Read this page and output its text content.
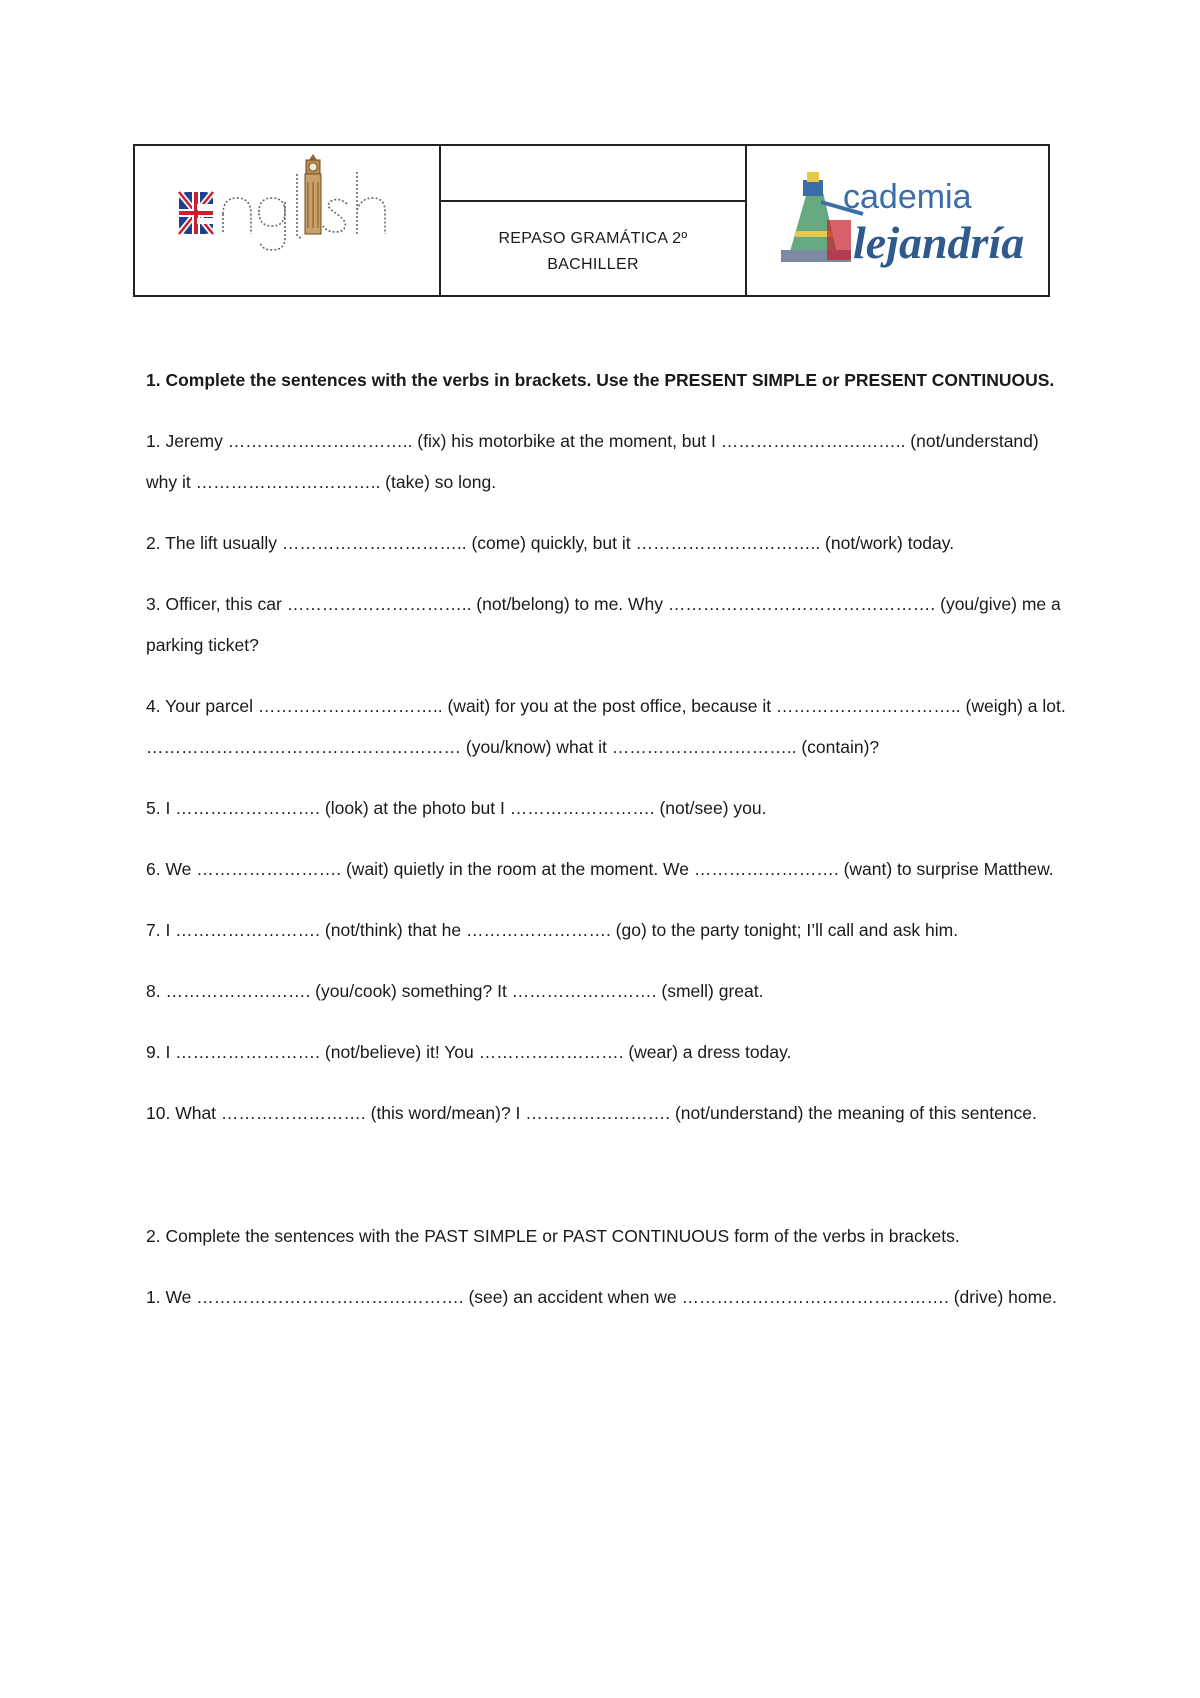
REPASO GRAMÁTICA 2º
BACHILLER
cademia
lejandría

1. Complete the sentences with the verbs in brackets. Use the PRESENT SIMPLE or PRESENT CONTINUOUS.

1. Jeremy ………………………….. (fix) his motorbike at the moment, but I ………………………….. (not/understand) why it ………………………….. (take) so long.

2. The lift usually ………………………….. (come) quickly, but it ………………………….. (not/work) today.

3. Officer, this car ………………………….. (not/belong) to me. Why ………………………………………. (you/give) me a parking ticket?

4. Your parcel ………………………….. (wait) for you at the post office, because it ………………………….. (weigh) a lot. ……………………………………………… (you/know) what it ………………………….. (contain)?

5. I ……………………. (look) at the photo but I ……………………. (not/see) you.

6. We ……………………. (wait) quietly in the room at the moment. We ……………………. (want) to surprise Matthew.

7. I ……………………. (not/think) that he ……………………. (go) to the party tonight; I’ll call and ask him.

8. ……………………. (you/cook) something? It ……………………. (smell) great.

9. I ……………………. (not/believe) it! You ……………………. (wear) a dress today.

10. What ……………………. (this word/mean)? I ……………………. (not/understand) the meaning of this sentence.

2. Complete the sentences with the PAST SIMPLE or PAST CONTINUOUS form of the verbs in brackets.

1. We ………………………………………. (see) an accident when we ………………………………………. (drive) home.
